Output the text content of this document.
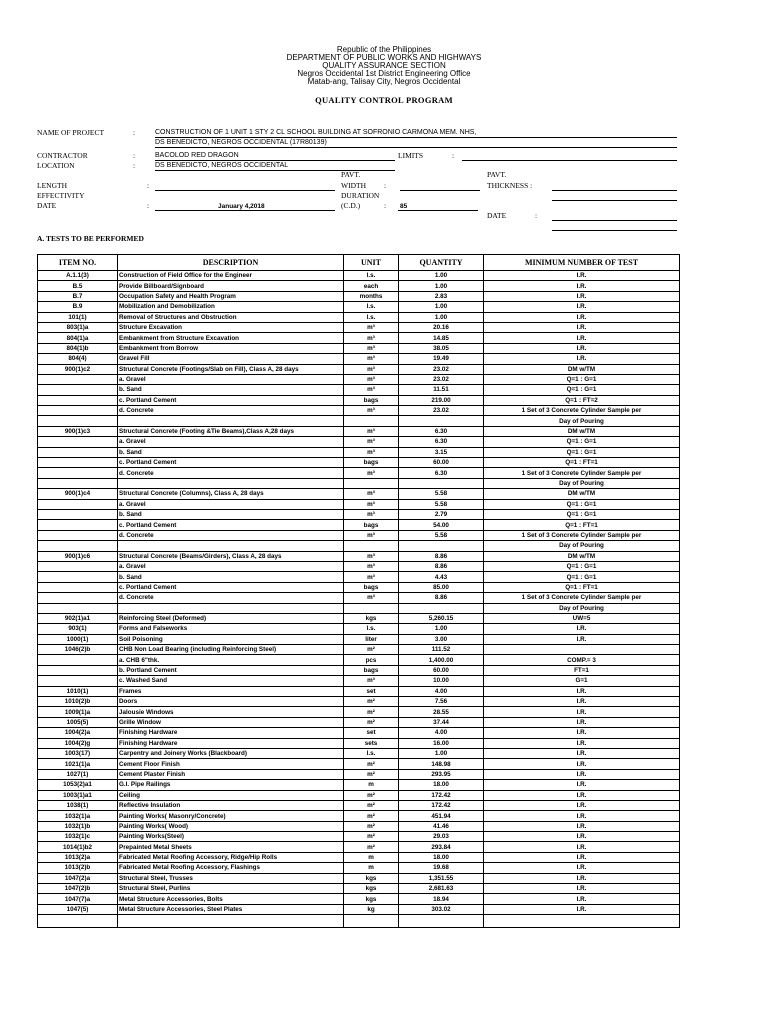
Republic of the Philippines
DEPARTMENT OF PUBLIC WORKS AND HIGHWAYS
QUALITY ASSURANCE SECTION
Negros Occidental 1st District Engineering Office
Matab-ang, Talisay City, Negros Occidental
QUALITY CONTROL PROGRAM
NAME OF PROJECT	:	CONSTRUCTION OF 1 UNIT 1 STY 2 CL SCHOOL BUILDING AT SOFRONIO CARMONA MEM. NHS,
DS BENEDICTO, NEGROS OCCIDENTAL (17R80139)
CONTRACTOR	:	BACOLOD RED DRAGON	LIMITS	:
LOCATION	:	DS BENEDICTO, NEGROS OCCIDENTAL
PAVT.	PAVT.
LENGTH	:	WIDTH :	THICKNESS :
EFFECTIVITY	DURATION
DATE	:	January 4,2018	(C.D.)	: 85
DATE	:
A. TESTS TO BE PERFORMED
ITEM NO.	DESCRIPTION	UNIT	QUANTITY	MINIMUM NUMBER OF TEST
A.1.1(3)	Construction of Field Office for the Engineer	l.s.	1.00	I.R.
B.5	Provide Billboard/Signboard	each	1.00	I.R.
B.7	Occupation Safety and Health Program	months	2.83	I.R.
B.9	Mobilization and Demobilization	l.s.	1.00	I.R.
101(1)	Removal of Structures and Obstruction	l.s.	1.00	I.R.
803(1)a	Structure Excavation	m³	20.16	I.R.
804(1)a	Embankment from Structure Excavation	m³	14.85	I.R.
804(1)b	Embankment from Borrow	m³	38.05	I.R.
804(4)	Gravel Fill	m³	19.49	I.R.
900(1)c2	Structural Concrete (Footings/Slab on Fill), Class A, 28 days	m³	23.02	DM w/TM
	a. Gravel	m³	23.02	Q=1 : G=1
	b. Sand	m³	11.51	Q=1 : G=1
	c. Portland Cement	bags	219.00	Q=1 : FT=2
	d. Concrete	m³	23.02	1 Set of 3 Concrete Cylinder Sample per
				Day of Pouring
900(1)c3	Structural Concrete (Footing &Tie Beams),Class A,28 days	m³	6.30	DM w/TM
	a. Gravel	m³	6.30	Q=1 : G=1
	b. Sand	m³	3.15	Q=1 : G=1
	c. Portland Cement	bags	60.00	Q=1 : FT=1
	d. Concrete	m³	6.30	1 Set of 3 Concrete Cylinder Sample per
				Day of Pouring
900(1)c4	Structural Concrete (Columns), Class A, 28 days	m³	5.58	DM w/TM
	a. Gravel	m³	5.58	Q=1 : G=1
	b. Sand	m³	2.79	Q=1 : G=1
	c. Portland Cement	bags	54.00	Q=1 : FT=1
	d. Concrete	m³	5.58	1 Set of 3 Concrete Cylinder Sample per
				Day of Pouring
900(1)c6	Structural Concrete (Beams/Girders), Class A, 28 days	m³	8.86	DM w/TM
	a. Gravel	m³	8.86	Q=1 : G=1
	b. Sand	m³	4.43	Q=1 : G=1
	c. Portland Cement	bags	85.00	Q=1 : FT=1
	d. Concrete	m³	8.86	1 Set of 3 Concrete Cylinder Sample per
				Day of Pouring
902(1)a1	Reinforcing Steel (Deformed)	kgs	5,260.15	UW=5
903(1)	Forms and Falseworks	l.s.	1.00	I.R.
1000(1)	Soil Poisoning	liter	3.00	I.R.
1046(2)b	CHB Non Load Bearing (including Reinforcing Steel)	m²	111.52	
	a. CHB 6"thk.	pcs	1,400.00	COMP.= 3
	b. Portland Cement	bags	60.00	FT=1
	c. Washed Sand	m³	10.00	G=1
1010(1)	Frames	set	4.00	I.R.
1010(2)b	Doors	m²	7.56	I.R.
1009(1)a	Jalousie Windows	m²	28.55	I.R.
1005(5)	Grille Window	m²	37.44	I.R.
1004(2)a	Finishing Hardware	set	4.00	I.R.
1004(2)g	Finishing Hardware	sets	16.00	I.R.
1003(17)	Carpentry and Joinery Works (Blackboard)	l.s.	1.00	I.R.
1021(1)a	Cement Floor Finish	m²	148.98	I.R.
1027(1)	Cement Plaster Finish	m²	293.95	I.R.
1053(2)a1	G.I. Pipe Railings	m	18.00	I.R.
1003(1)a1	Ceiling	m²	172.42	I.R.
1038(1)	Reflective Insulation	m²	172.42	I.R.
1032(1)a	Painting Works( Masonry/Concrete)	m²	451.94	I.R.
1032(1)b	Painting Works( Wood)	m²	41.46	I.R.
1032(1)c	Painting Works(Steel)	m²	29.03	I.R.
1014(1)b2	Prepainted Metal Sheets	m²	293.84	I.R.
1013(2)a	Fabricated Metal Roofing Accessory, Ridge/Hip Rolls	m	18.00	I.R.
1013(2)b	Fabricated Metal Roofing Accessory, Flashings	m	19.68	I.R.
1047(2)a	Structural Steel, Trusses	kgs	1,351.55	I.R.
1047(2)b	Structural Steel, Purlins	kgs	2,681.63	I.R.
1047(7)a	Metal Structure Accessories, Bolts	kgs	18.94	I.R.
1047(5)	Metal Structure Accessories, Steel Plates	kg	303.02	I.R.
